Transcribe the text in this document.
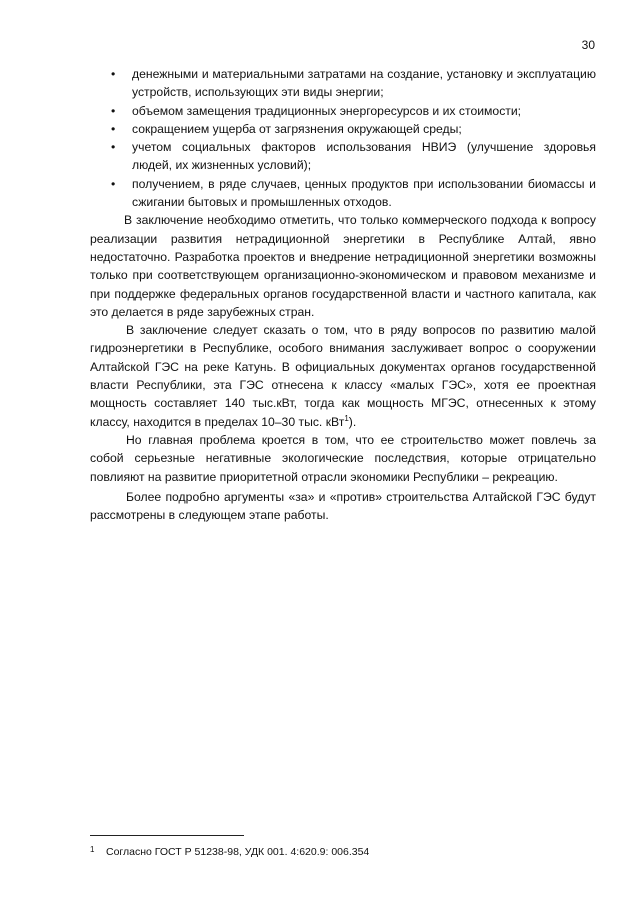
30
•	денежными и материальными затратами на создание, установку и эксплуатацию устройств, использующих эти виды энергии;
•	объемом замещения традиционных энергоресурсов и их стоимости;
•	сокращением ущерба от загрязнения окружающей среды;
•	учетом социальных факторов использования НВИЭ (улучшение здоровья людей, их жизненных условий);
•	получением, в ряде случаев, ценных продуктов при использовании биомассы и сжигании бытовых и промышленных отходов.

В заключение необходимо отметить, что только коммерческого подхода к вопросу реализации развития нетрадиционной энергетики в Республике Алтай, явно недостаточно. Разработка проектов и внедрение нетрадиционной энергетики возможны только при соответствующем организационно-экономическом и правовом механизме и при поддержке федеральных органов государственной власти и частного капитала, как это делается в ряде зарубежных стран.

В заключение следует сказать о том, что в ряду вопросов по развитию малой гидроэнергетики в Республике, особого внимания заслуживает вопрос о сооружении Алтайской ГЭС на реке Катунь. В официальных документах органов государственной власти Республики, эта ГЭС отнесена к классу «малых ГЭС», хотя ее проектная мощность составляет 140 тыс.кВт, тогда как мощность МГЭС, отнесенных к этому классу, находится в пределах 10–30 тыс. кВт$^1$).

Но главная проблема кроется в том, что ее строительство может повлечь за собой серьезные негативные экологические последствия, которые отрицательно повлияют на развитие приоритетной отрасли экономики Республики – рекреацию.

Более подробно аргументы «за» и «против» строительства Алтайской ГЭС будут рассмотрены в следующем этапе работы.

1 Согласно ГОСТ Р 51238-98, УДК 001. 4:620.9: 006.354
